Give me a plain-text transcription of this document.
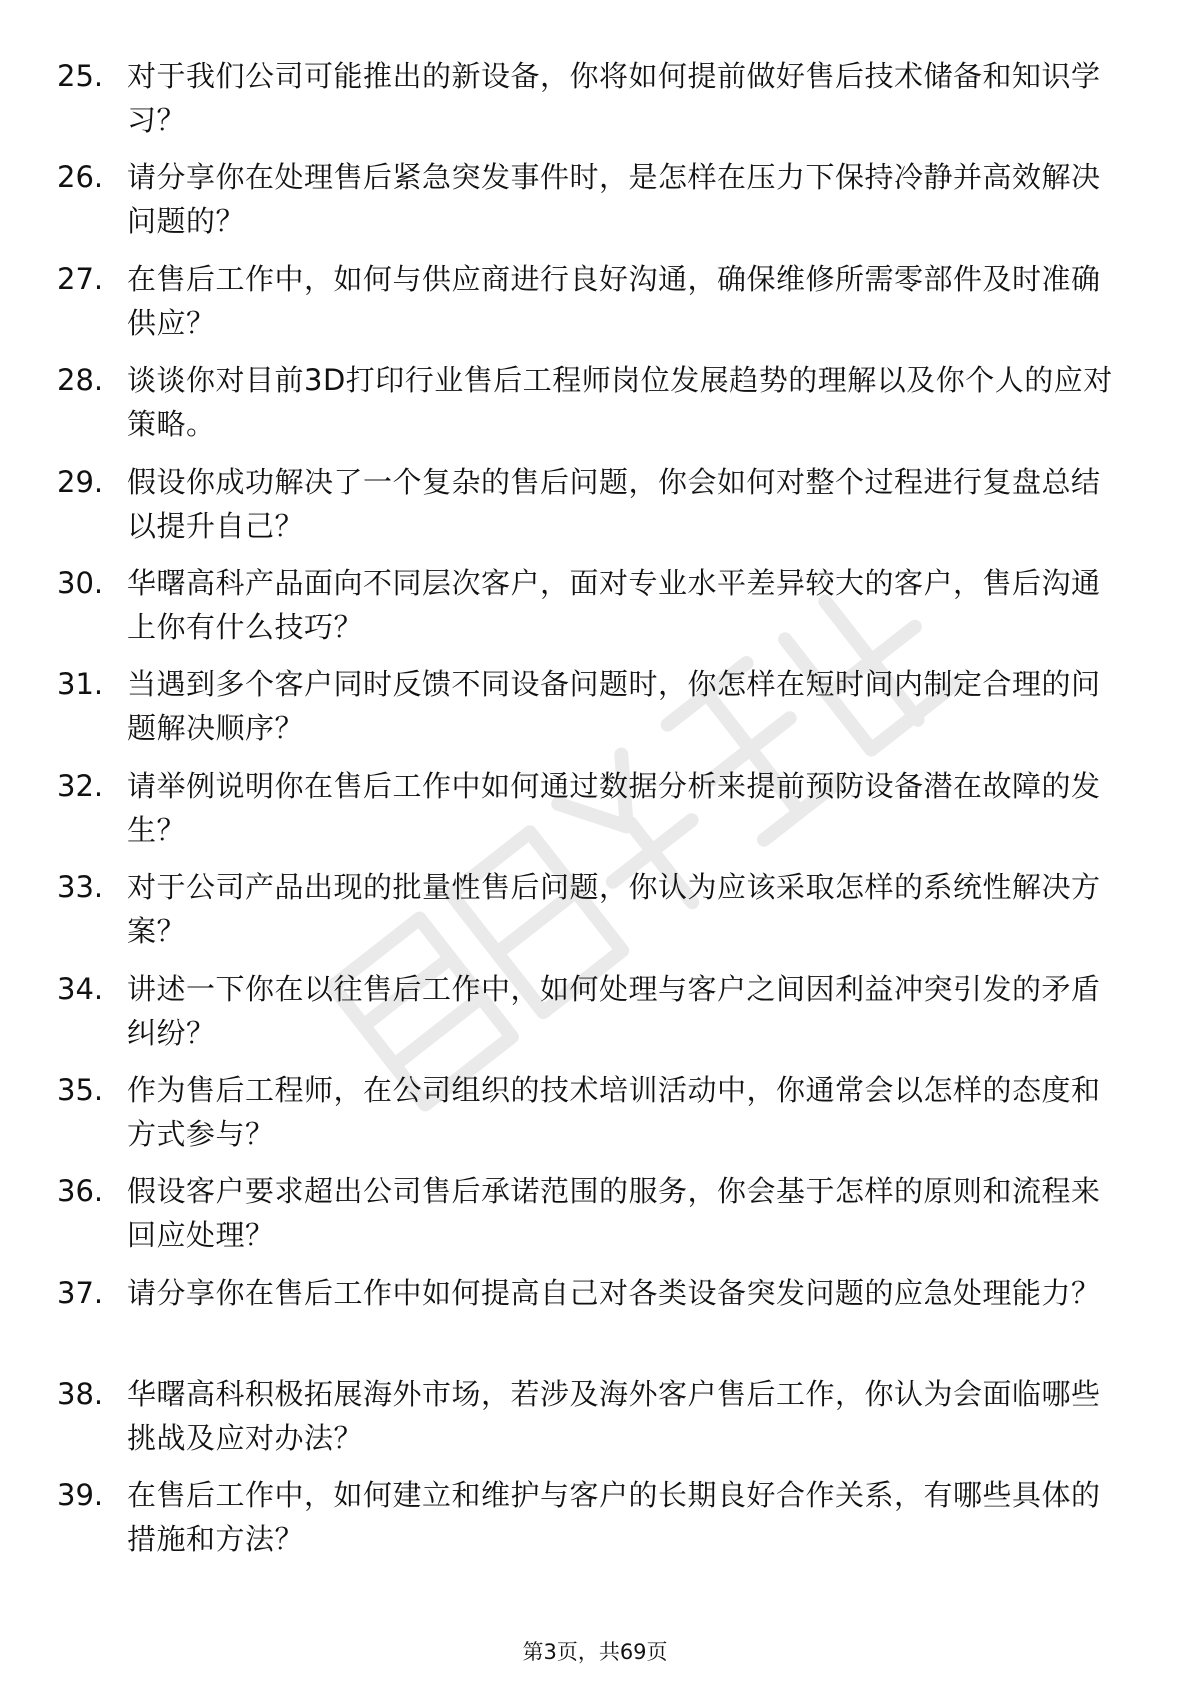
25. 对于我们公司可能推出的新设备，你将如何提前做好售后技术储备和知识学习？
26. 请分享你在处理售后紧急突发事件时，是怎样在压力下保持冷静并高效解决问题的？
27. 在售后工作中，如何与供应商进行良好沟通，确保维修所需零部件及时准确供应？
28. 谈谈你对目前3D打印行业售后工程师岗位发展趋势的理解以及你个人的应对策略。
29. 假设你成功解决了一个复杂的售后问题，你会如何对整个过程进行复盘总结以提升自己？
30. 华曙高科产品面向不同层次客户，面对专业水平差异较大的客户，售后沟通上你有什么技巧？
31. 当遇到多个客户同时反馈不同设备问题时，你怎样在短时间内制定合理的问题解决顺序？
32. 请举例说明你在售后工作中如何通过数据分析来提前预防设备潜在故障的发生？
33. 对于公司产品出现的批量性售后问题，你认为应该采取怎样的系统性解决方案？
34. 讲述一下你在以往售后工作中，如何处理与客户之间因利益冲突引发的矛盾纠纷？
35. 作为售后工程师，在公司组织的技术培训活动中，你通常会以怎样的态度和方式参与？
36. 假设客户要求超出公司售后承诺范围的服务，你会基于怎样的原则和流程来回应处理？
37. 请分享你在售后工作中如何提高自己对各类设备突发问题的应急处理能力？
38. 华曙高科积极拓展海外市场，若涉及海外客户售后工作，你认为会面临哪些挑战及应对办法？
39. 在售后工作中，如何建立和维护与客户的长期良好合作关系，有哪些具体的措施和方法？
第3页，共69页
